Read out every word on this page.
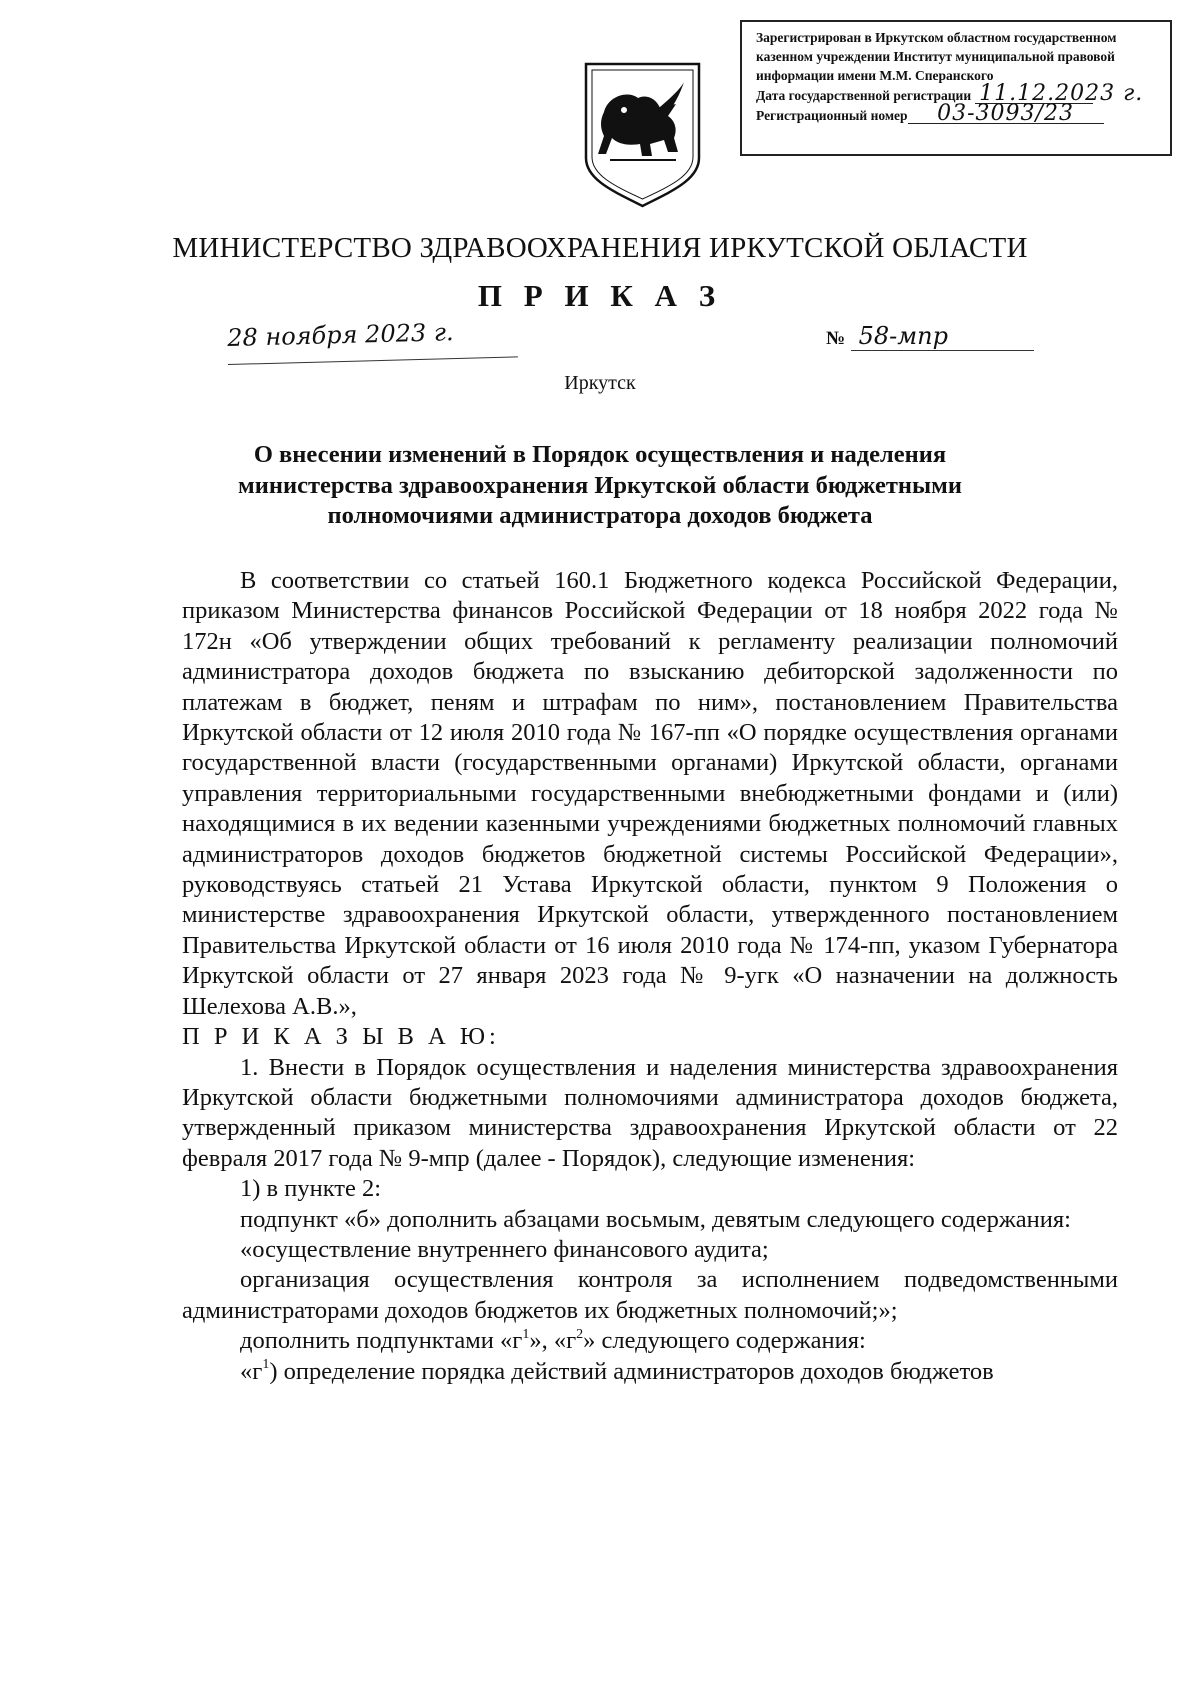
Зарегистрирован в Иркутском областном государственном
казенном учреждении Институт муниципальной правовой
информации имени М.М. Сперанского
Дата государственной регистрации 11.12.2023 г.
Регистрационный номер 03-3093/23
МИНИСТЕРСТВО ЗДРАВООХРАНЕНИЯ ИРКУТСКОЙ ОБЛАСТИ
П Р И К А З
28 ноября 2023 г.	№ 58-мпр
Иркутск
О внесении изменений в Порядок осуществления и наделения
министерства здравоохранения Иркутской области бюджетными
полномочиями администратора доходов бюджета

В соответствии со статьей 160.1 Бюджетного кодекса Российской Федерации, приказом Министерства финансов Российской Федерации от 18 ноября 2022 года № 172н «Об утверждении общих требований к регламенту реализации полномочий администратора доходов бюджета по взысканию дебиторской задолженности по платежам в бюджет, пеням и штрафам по ним», постановлением Правительства Иркутской области от 12 июля 2010 года № 167-пп «О порядке осуществления органами государственной власти (государственными органами) Иркутской области, органами управления территориальными государственными внебюджетными фондами и (или) находящимися в их ведении казенными учреждениями бюджетных полномочий главных администраторов доходов бюджетов бюджетной системы Российской Федерации», руководствуясь статьей 21 Устава Иркутской области, пунктом 9 Положения о министерстве здравоохранения Иркутской области, утвержденного постановлением Правительства Иркутской области от 16 июля 2010 года № 174-пп, указом Губернатора Иркутской области от 27 января 2023 года № 9-угк «О назначении на должность Шелехова А.В.»,

П Р И К А З Ы В А Ю:

1. Внести в Порядок осуществления и наделения министерства здравоохранения Иркутской области бюджетными полномочиями администратора доходов бюджета, утвержденный приказом министерства здравоохранения Иркутской области от 22 февраля 2017 года № 9-мпр (далее - Порядок), следующие изменения:

1) в пункте 2:

подпункт «б» дополнить абзацами восьмым, девятым следующего содержания:

«осуществление внутреннего финансового аудита;

организация осуществления контроля за исполнением подведомственными администраторами доходов бюджетов их бюджетных полномочий;»;

дополнить подпунктами «$г^1$», «$г^2$» следующего содержания:

«$г^1$) определение порядка действий администраторов доходов бюджетов
